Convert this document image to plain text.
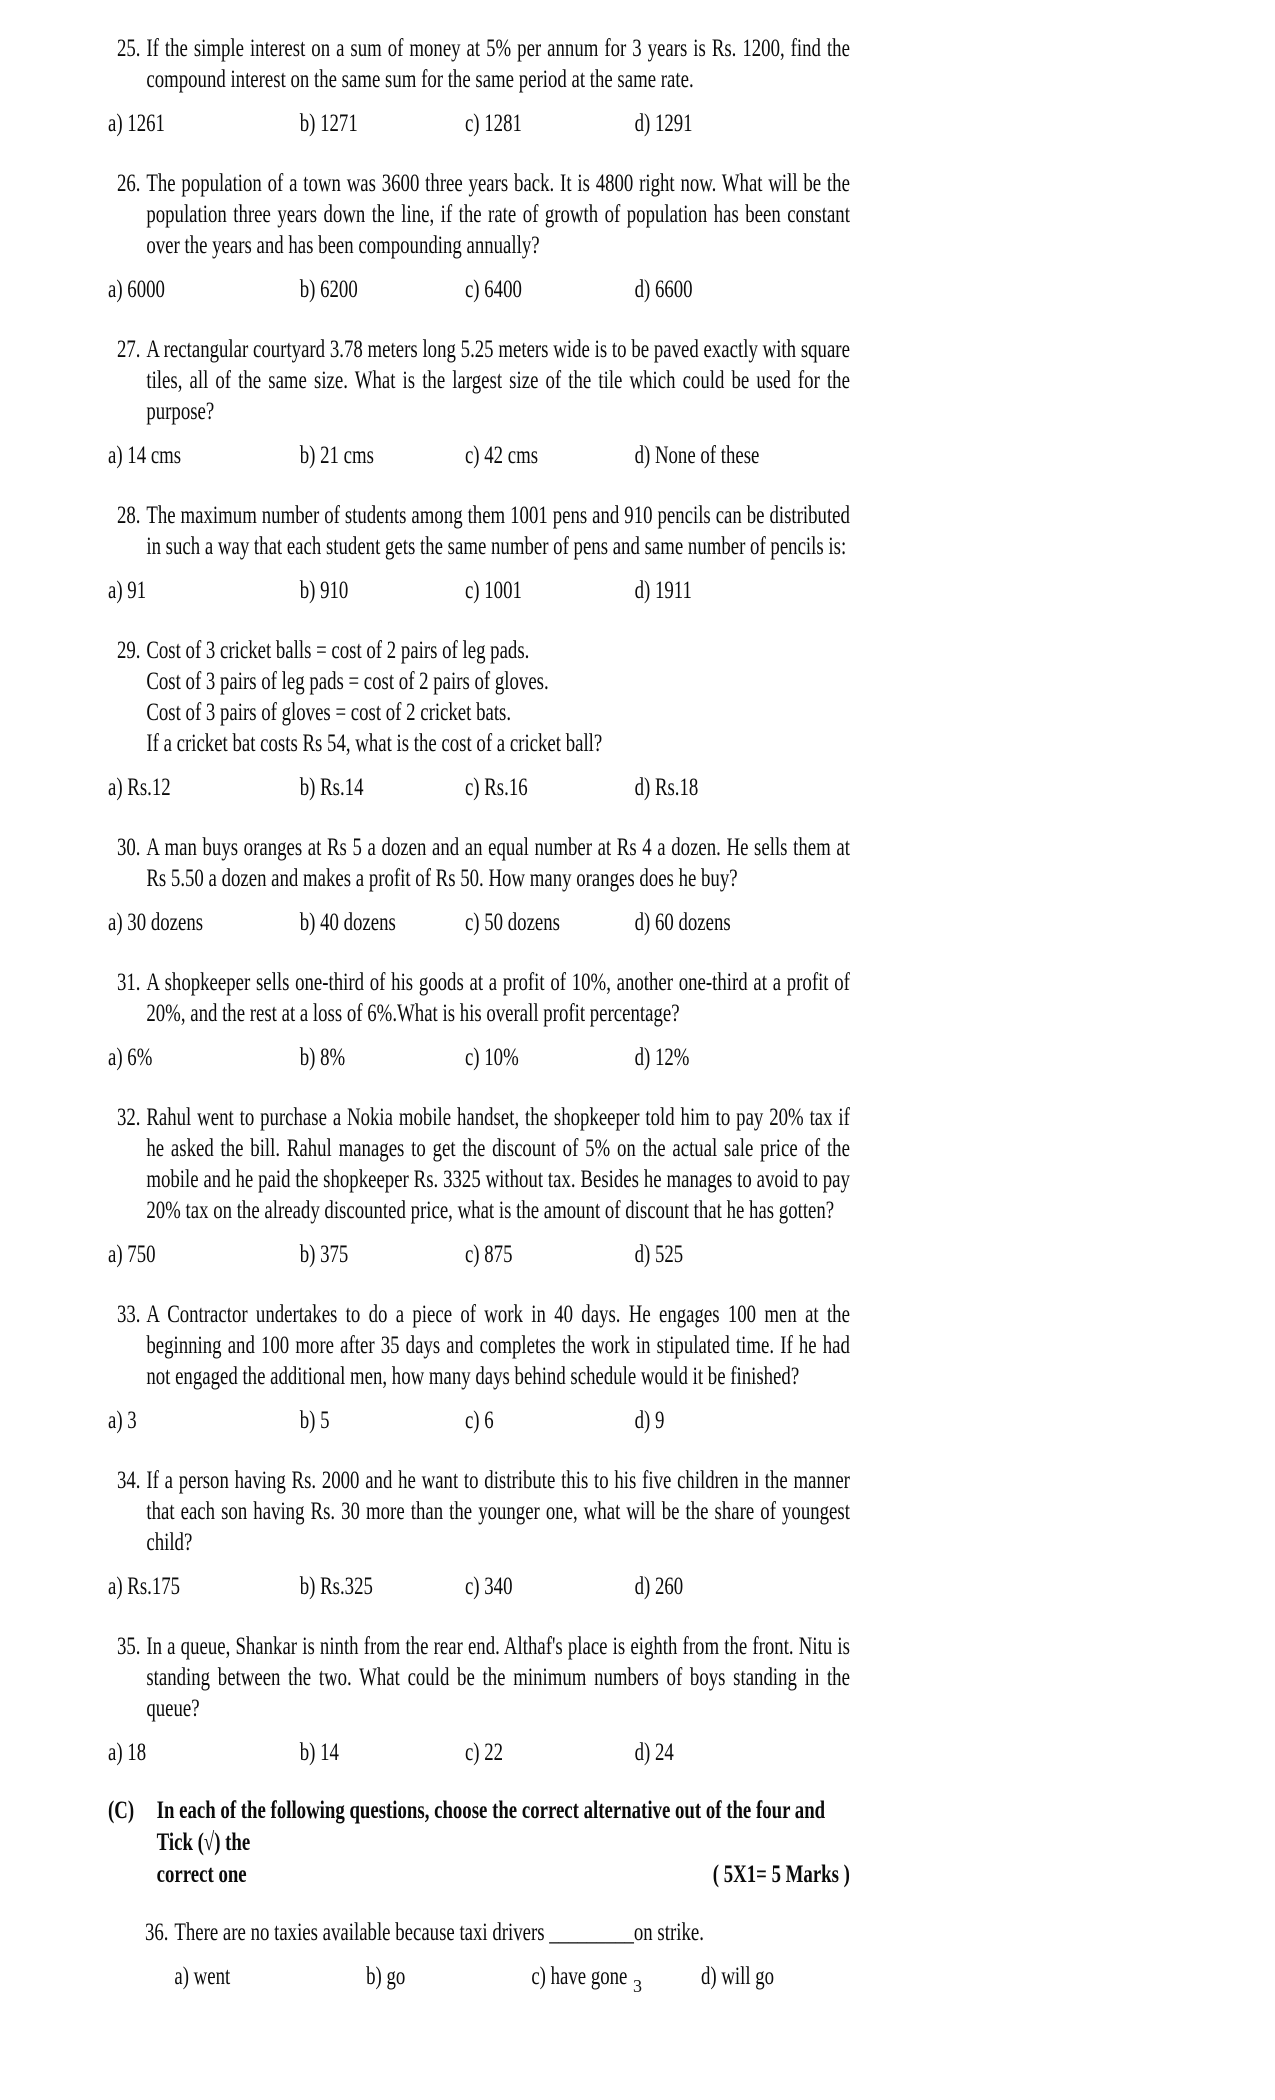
25. If the simple interest on a sum of money at 5% per annum for 3 years is Rs. 1200, find the compound interest on the same sum for the same period at the same rate.
a) 1261	b) 1271	c) 1281	d) 1291
26. The population of a town was 3600 three years back. It is 4800 right now. What will be the population three years down the line, if the rate of growth of population has been constant over the years and has been compounding annually?
a) 6000	b) 6200	c) 6400	d) 6600
27. A rectangular courtyard 3.78 meters long 5.25 meters wide is to be paved exactly with square tiles, all of the same size. What is the largest size of the tile which could be used for the purpose?
a) 14 cms	b) 21 cms	c) 42 cms	d) None of these
28. The maximum number of students among them 1001 pens and 910 pencils can be distributed in such a way that each student gets the same number of pens and same number of pencils is:
a) 91	b) 910	c) 1001	d) 1911
29. Cost of 3 cricket balls = cost of 2 pairs of leg pads.

Cost of 3 pairs of leg pads = cost of 2 pairs of gloves.

Cost of 3 pairs of gloves = cost of 2 cricket bats.

If a cricket bat costs Rs 54, what is the cost of a cricket ball?

a) Rs.12	b) Rs.14	c) Rs.16	d) Rs.18
30. A man buys oranges at Rs 5 a dozen and an equal number at Rs 4 a dozen. He sells them at Rs 5.50 a dozen and makes a profit of Rs 50. How many oranges does he buy?
a) 30 dozens	b) 40 dozens	c) 50 dozens	d) 60 dozens
31. A shopkeeper sells one-third of his goods at a profit of 10%, another one-third at a profit of 20%, and the rest at a loss of 6%.What is his overall profit percentage?
a) 6%	b) 8%	c) 10%	d) 12%
32. Rahul went to purchase a Nokia mobile handset, the shopkeeper told him to pay 20% tax if he asked the bill. Rahul manages to get the discount of 5% on the actual sale price of the mobile and he paid the shopkeeper Rs. 3325 without tax. Besides he manages to avoid to pay 20% tax on the already discounted price, what is the amount of discount that he has gotten?
a) 750	b) 375	c) 875	d) 525
33. A Contractor undertakes to do a piece of work in 40 days. He engages 100 men at the beginning and 100 more after 35 days and completes the work in stipulated time. If he had not engaged the additional men, how many days behind schedule would it be finished?
a) 3	b) 5	c) 6	d) 9
34. If a person having Rs. 2000 and he want to distribute this to his five children in the manner that each son having Rs. 30 more than the younger one, what will be the share of youngest child?
a) Rs.175	b) Rs.325	c) 340	d) 260
35. In a queue, Shankar is ninth from the rear end. Althaf's place is eighth from the front. Nitu is standing between the two. What could be the minimum numbers of boys standing in the queue?
a) 18	b) 14	c) 22	d) 24
(C) In each of the following questions, choose the correct alternative out of the four and Tick (√) the
correct one	( 5X1= 5 Marks )
36. There are no taxies available because taxi drivers _________on strike.
a) went	b) go	c) have gone	d) will go
3
